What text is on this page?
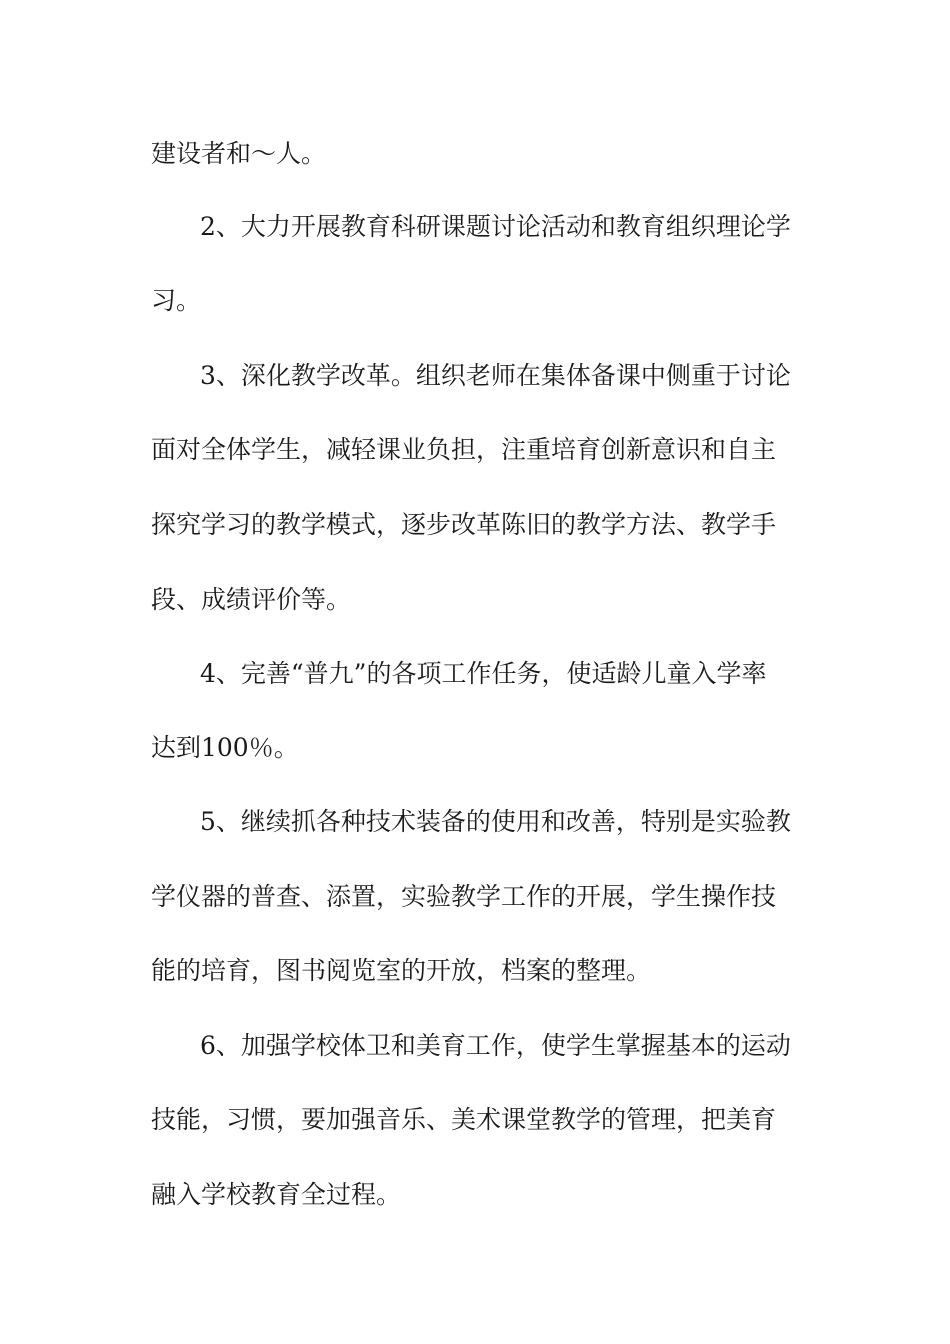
建设者和～人。
2、大力开展教育科研课题讨论活动和教育组织理论学
习。
3、深化教学改革。组织老师在集体备课中侧重于讨论
面对全体学生，减轻课业负担，注重培育创新意识和自主
探究学习的教学模式，逐步改革陈旧的教学方法、教学手
段、成绩评价等。
4、完善“普九”的各项工作任务，使适龄儿童入学率
达到100％。
5、继续抓各种技术装备的使用和改善，特别是实验教
学仪器的普查、添置，实验教学工作的开展，学生操作技
能的培育，图书阅览室的开放，档案的整理。
6、加强学校体卫和美育工作，使学生掌握基本的运动
技能，习惯，要加强音乐、美术课堂教学的管理，把美育
融入学校教育全过程。
